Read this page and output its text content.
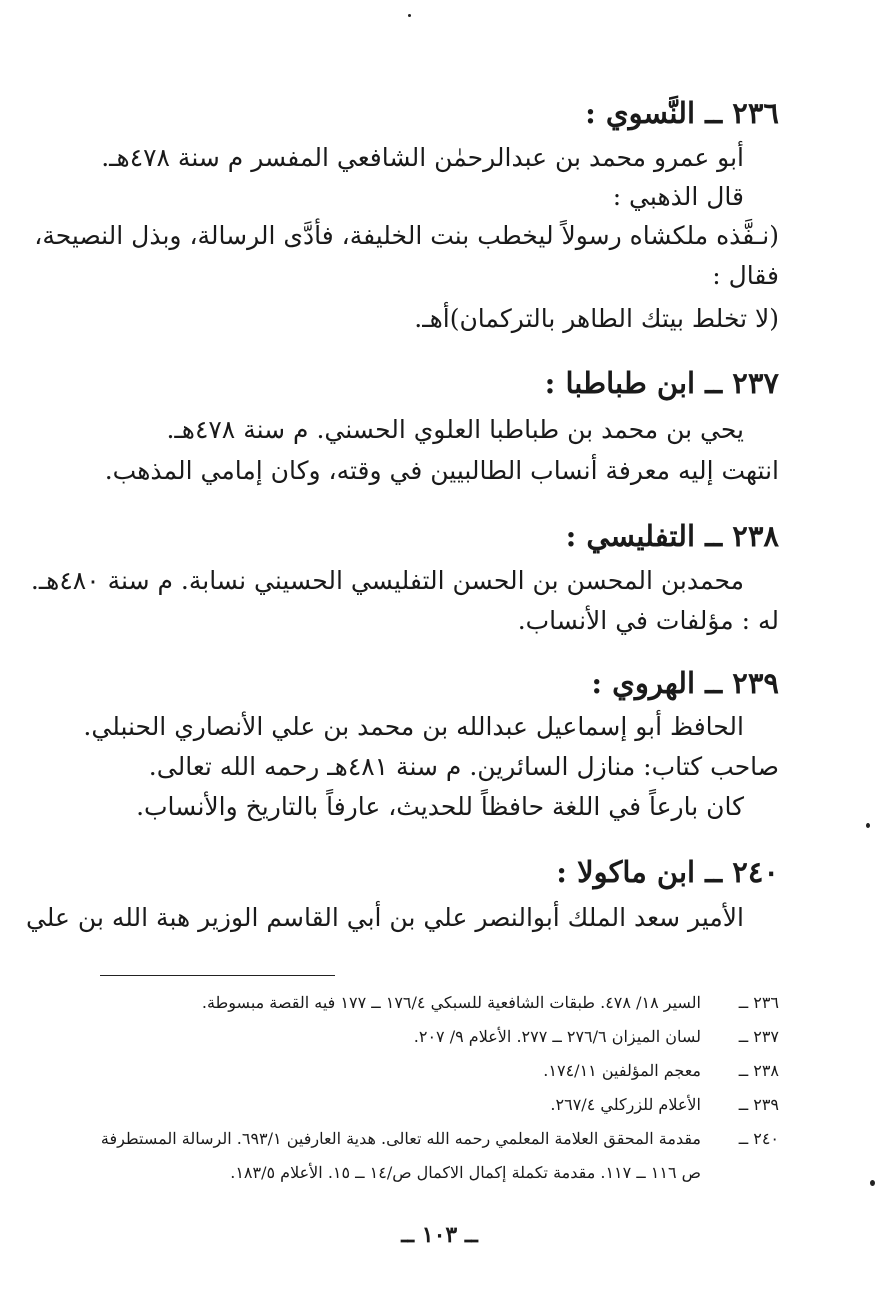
٢٣٦ ــ النَّسوي :
أبو عمرو محمد بن عبدالرحمٰن الشافعي المفسر م سنة ٤٧٨هـ.
قال الذهبي :
(نـفَّذه ملكشاه رسولاً ليخطب بنت الخليفة، فأدَّى الرسالة، وبذل النصيحة،
فقال :
(لا تخلط بيتك الطاهر بالتركمان)أهـ.
٢٣٧ ــ ابن طباطبا :
يحي بن محمد بن طباطبا العلوي الحسني. م سنة ٤٧٨هـ.
انتهت إليه معرفة أنساب الطالبيين في وقته، وكان إمامي المذهب.
٢٣٨ ــ التفليسي :
محمدبن المحسن بن الحسن التفليسي الحسيني نسابة. م سنة ٤٨٠هـ.
له : مؤلفات في الأنساب.
٢٣٩ ــ الهروي :
الحافظ أبو إسماعيل عبدالله بن محمد بن علي الأنصاري الحنبلي.
صاحب كتاب: منازل السائرين. م سنة ٤٨١هـ رحمه الله تعالى.
كان بارعاً في اللغة حافظاً للحديث، عارفاً بالتاريخ والأنساب.
٢٤٠ ــ ابن ماكولا :
الأمير سعد الملك أبوالنصر علي بن أبي القاسم الوزير هبة الله بن علي
٢٣٦ ــالسير ١٨/ ٤٧٨. طبقات الشافعية للسبكي ١٧٦/٤ ــ ١٧٧ فيه القصة مبسوطة.
٢٣٧ ــلسان الميزان ٢٧٦/٦ ــ ٢٧٧. الأعلام ٩/ ٢٠٧.
٢٣٨ ــمعجم المؤلفين ١٧٤/١١.
٢٣٩ ــالأعلام للزركلي ٢٦٧/٤.
٢٤٠ ــمقدمة المحقق العلامة المعلمي رحمه الله تعالى. هدية العارفين ٦٩٣/١. الرسالة المستطرفة
ص ١١٦ ــ ١١٧. مقدمة تكملة إكمال الاكمال ص/١٤ ــ ١٥. الأعلام ١٨٣/٥.
ــ ١٠٣ ــ
